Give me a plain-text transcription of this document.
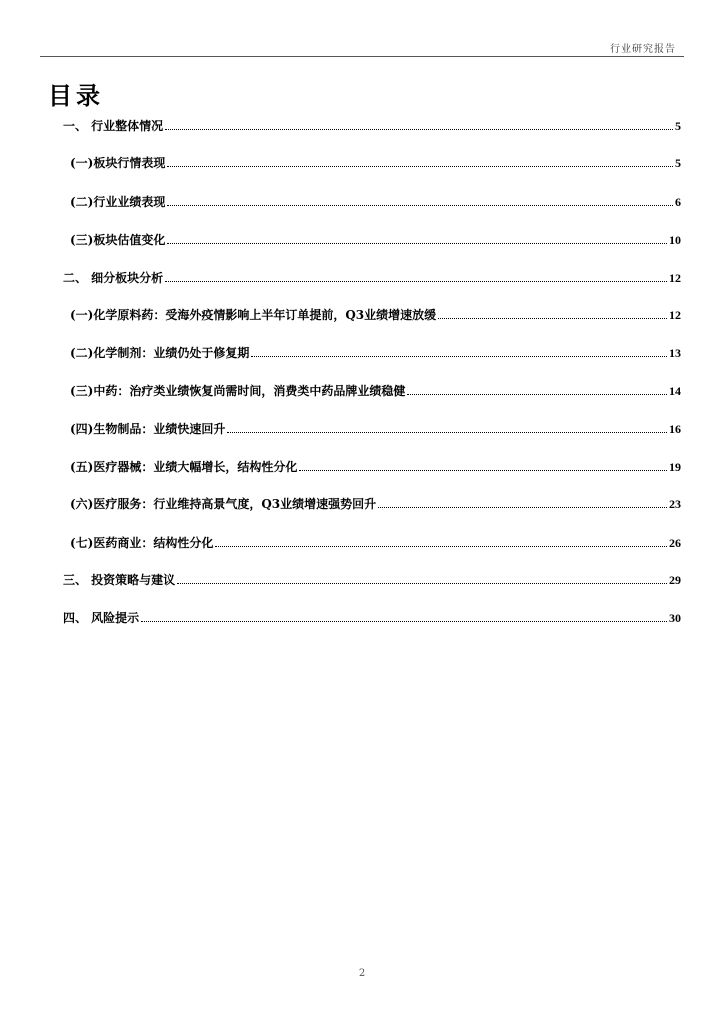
行业研究报告
目录
一、 行业整体情况	5
(一)板块行情表现	5
(二)行业业绩表现	6
(三)板块估值变化	10
二、 细分板块分析	12
(一)化学原料药：受海外疫情影响上半年订单提前，Q3业绩增速放缓	12
(二)化学制剂：业绩仍处于修复期	13
(三)中药：治疗类业绩恢复尚需时间，消费类中药品牌业绩稳健	14
(四)生物制品：业绩快速回升	16
(五)医疗器械：业绩大幅增长，结构性分化	19
(六)医疗服务：行业维持高景气度，Q3业绩增速强势回升	23
(七)医药商业：结构性分化	26
三、 投资策略与建议	29
四、 风险提示	30
2
